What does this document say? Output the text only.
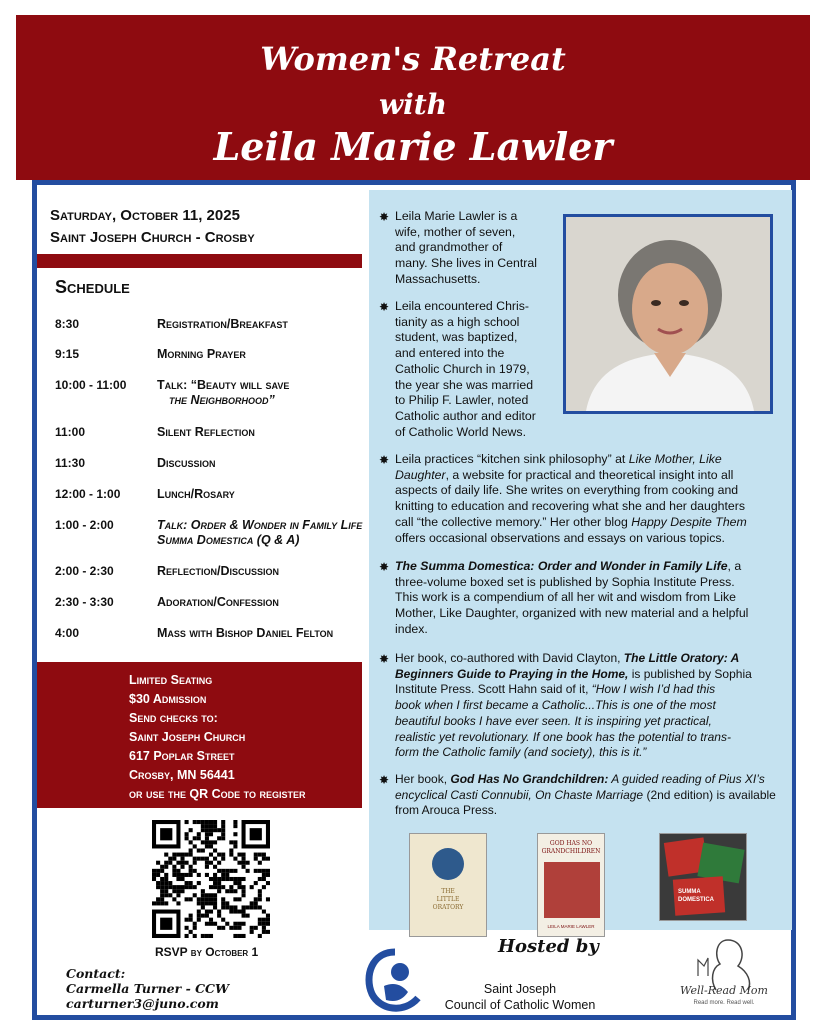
Women's Retreat
with
Leila Marie Lawler
Saturday, October 11, 2025
Saint Joseph Church - Crosby
Schedule
8:30	Registration/Breakfast
9:15	Morning Prayer
10:00 - 11:00	Talk: “Beauty will save
the Neighborhood”
11:00	Silent Reflection
11:30	Discussion
12:00 - 1:00	Lunch/Rosary
1:00 - 2:00	Talk: Order & Wonder in Family Life
Summa Domestica (Q & A)
2:00 - 2:30	Reflection/Discussion
2:30 - 3:30	Adoration/Confession
4:00	Mass with Bishop Daniel Felton
Limited Seating
$30 Admission
Send checks to:
Saint Joseph Church
617 Poplar Street
Crosby, MN 56441
or use the QR Code to register
RSVP by October 1
✸ Leila Marie Lawler is a
wife, mother of seven,
and grandmother of
many. She lives in Central
Massachusetts.
✸ Leila encountered Chris-
tianity as a high school
student, was baptized,
and entered into the
Catholic Church in 1979,
the year she was married
to Philip F. Lawler, noted
Catholic author and editor
of Catholic World News.
✸ Leila practices “kitchen sink philosophy” at Like Mother, Like
Daughter, a website for practical and theoretical insight into all
aspects of daily life. She writes on everything from cooking and
knitting to education and recovering what she and her daughters
call “the collective memory.” Her other blog Happy Despite Them
offers occasional observations and essays on various topics.
✸ The Summa Domestica: Order and Wonder in Family Life, a
three-volume boxed set is published by Sophia Institute Press.
This work is a compendium of all her wit and wisdom from Like
Mother, Like Daughter, organized with new material and a helpful
index.
✸ Her book, co-authored with David Clayton, The Little Oratory: A
Beginners Guide to Praying in the Home, is published by Sophia
Institute Press. Scott Hahn said of it, “How I wish I’d had this
book when I first became a Catholic...This is one of the most
beautiful books I have ever seen. It is inspiring yet practical,
realistic yet revolutionary. If one book has the potential to trans-
form the Catholic family (and society), this is it.”
✸ Her book, God Has No Grandchildren: A guided reading of Pius XI’s
encyclical Casti Connubii, On Chaste Marriage (2nd edition) is available
from Arouca Press.
THE
LITTLE
ORATORY
GOD HAS NO
GRANDCHILDREN
LEILA MARIE LAWLER
SUMMA
DOMESTICA
Contact:
Carmella Turner - CCW
carturner3@juno.com
Hosted by
Saint Joseph
Council of Catholic Women
Well-Read Mom
Read more. Read well.
